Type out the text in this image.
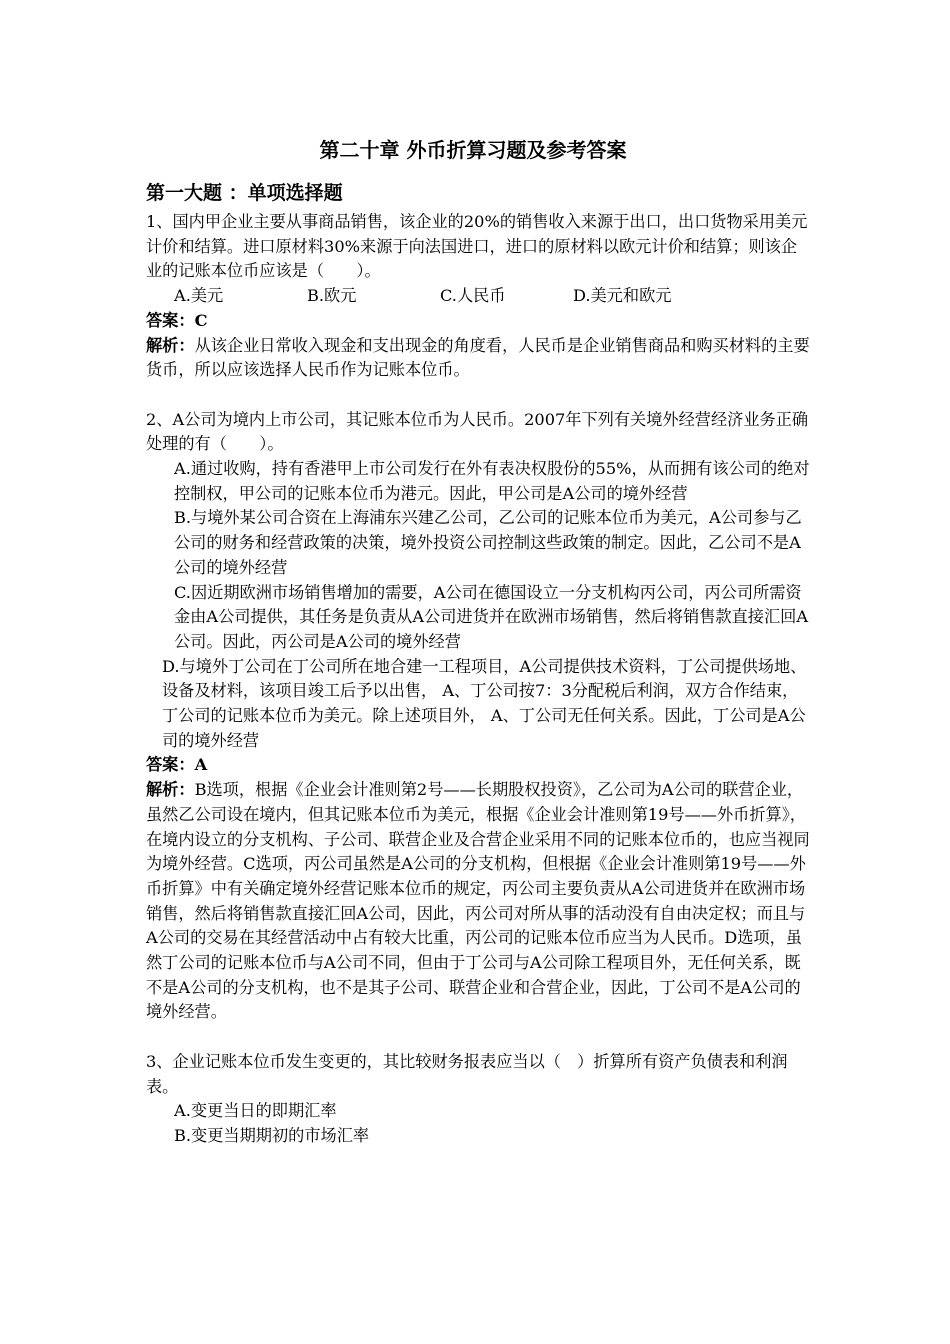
第二十章 外币折算习题及参考答案
第一大题 ：单项选择题

1、国内甲企业主要从事商品销售，该企业的20%的销售收入来源于出口，出口货物采用美元计价和结算。进口原材料30%来源于向法国进口，进口的原材料以欧元计价和结算；则该企业的记账本位币应该是（　　）。

A.美元	B.欧元	C.人民币	D.美元和欧元

答案：C

解析：从该企业日常收入现金和支出现金的角度看，人民币是企业销售商品和购买材料的主要货币，所以应该选择人民币作为记账本位币。

2、A公司为境内上市公司，其记账本位币为人民币。2007年下列有关境外经营经济业务正确处理的有（　　）。

A.通过收购，持有香港甲上市公司发行在外有表决权股份的55%，从而拥有该公司的绝对控制权，甲公司的记账本位币为港元。因此，甲公司是A公司的境外经营

B.与境外某公司合资在上海浦东兴建乙公司，乙公司的记账本位币为美元，A公司参与乙公司的财务和经营政策的决策，境外投资公司控制这些政策的制定。因此，乙公司不是A公司的境外经营

C.因近期欧洲市场销售增加的需要，A公司在德国设立一分支机构丙公司，丙公司所需资金由A公司提供，其任务是负责从A公司进货并在欧洲市场销售，然后将销售款直接汇回A公司。因此，丙公司是A公司的境外经营

D.与境外丁公司在丁公司所在地合建一工程项目，A公司提供技术资料，丁公司提供场地、设备及材料，该项目竣工后予以出售， A、丁公司按7：3分配税后利润，双方合作结束，丁公司的记账本位币为美元。除上述项目外， A、丁公司无任何关系。因此，丁公司是A公司的境外经营

答案：A

解析：B选项，根据《企业会计准则第2号——长期股权投资》，乙公司为A公司的联营企业，虽然乙公司设在境内，但其记账本位币为美元，根据《企业会计准则第19号——外币折算》，在境内设立的分支机构、子公司、联营企业及合营企业采用不同的记账本位币的，也应当视同为境外经营。C选项，丙公司虽然是A公司的分支机构，但根据《企业会计准则第19号——外币折算》中有关确定境外经营记账本位币的规定，丙公司主要负责从A公司进货并在欧洲市场销售，然后将销售款直接汇回A公司，因此，丙公司对所从事的活动没有自由决定权；而且与A公司的交易在其经营活动中占有较大比重，丙公司的记账本位币应当为人民币。D选项，虽然丁公司的记账本位币与A公司不同，但由于丁公司与A公司除工程项目外，无任何关系，既不是A公司的分支机构，也不是其子公司、联营企业和合营企业，因此，丁公司不是A公司的境外经营。

3、企业记账本位币发生变更的，其比较财务报表应当以（　）折算所有资产负债表和利润表。

A.变更当日的即期汇率

B.变更当期期初的市场汇率
